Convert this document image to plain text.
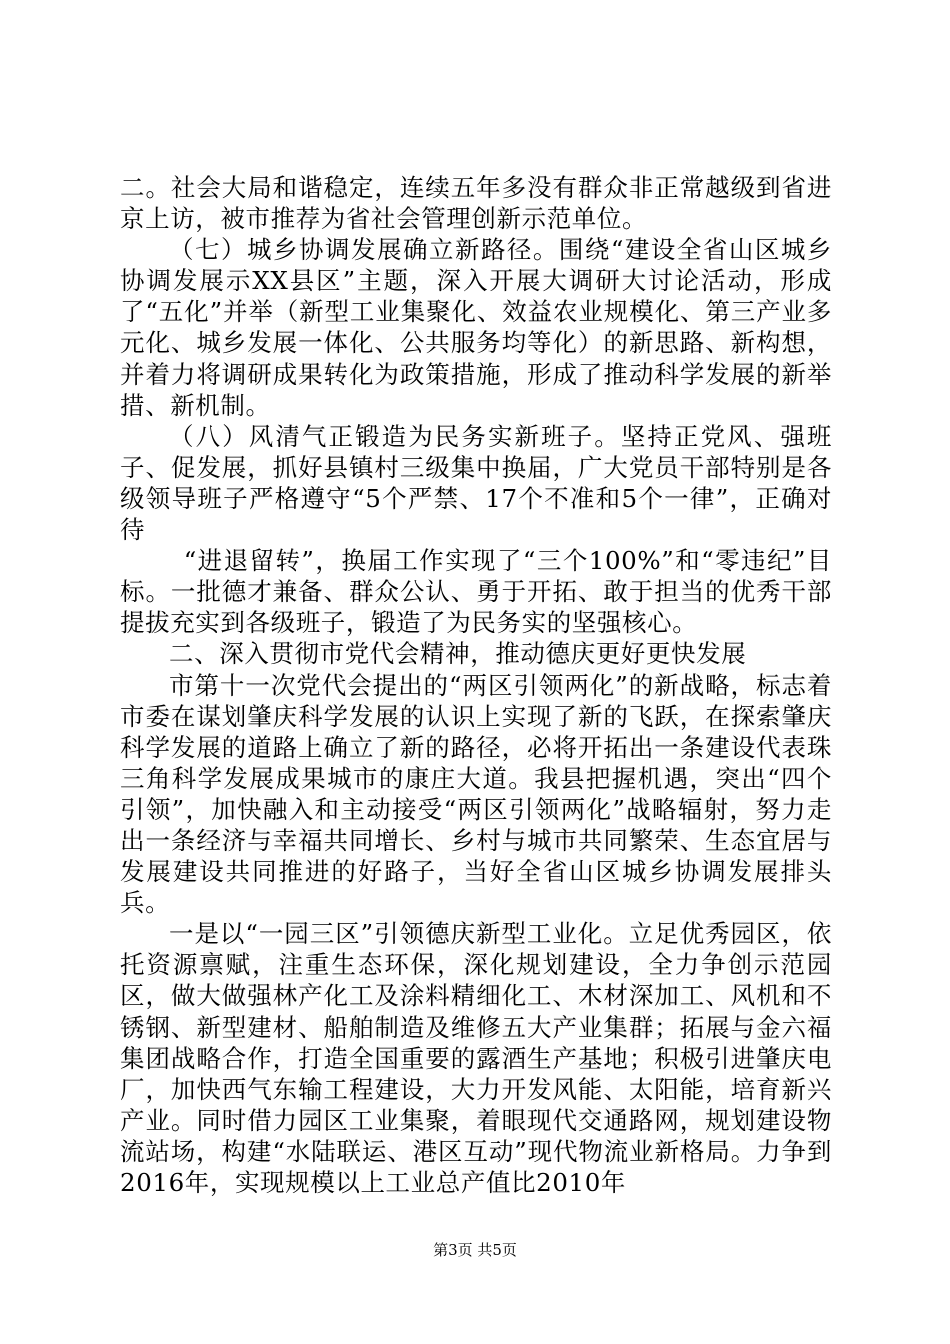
二。社会大局和谐稳定，连续五年多没有群众非正常越级到省进京上访，被市推荐为省社会管理创新示范单位。

（七）城乡协调发展确立新路径。围绕“建设全省山区城乡协调发展示XX县区”主题，深入开展大调研大讨论活动，形成了“五化”并举（新型工业集聚化、效益农业规模化、第三产业多元化、城乡发展一体化、公共服务均等化）的新思路、新构想，并着力将调研成果转化为政策措施，形成了推动科学发展的新举措、新机制。

（八）风清气正锻造为民务实新班子。坚持正党风、强班子、促发展，抓好县镇村三级集中换届，广大党员干部特别是各级领导班子严格遵守“5个严禁、17个不准和5个一律”，正确对待

“进退留转”，换届工作实现了“三个100%”和“零违纪”目标。一批德才兼备、群众公认、勇于开拓、敢于担当的优秀干部提拔充实到各级班子，锻造了为民务实的坚强核心。

二、深入贯彻市党代会精神，推动德庆更好更快发展

市第十一次党代会提出的“两区引领两化”的新战略，标志着市委在谋划肇庆科学发展的认识上实现了新的飞跃，在探索肇庆科学发展的道路上确立了新的路径，必将开拓出一条建设代表珠三角科学发展成果城市的康庄大道。我县把握机遇，突出“四个引领”，加快融入和主动接受“两区引领两化”战略辐射，努力走出一条经济与幸福共同增长、乡村与城市共同繁荣、生态宜居与发展建设共同推进的好路子，当好全省山区城乡协调发展排头兵。

一是以“一园三区”引领德庆新型工业化。立足优秀园区，依托资源禀赋，注重生态环保，深化规划建设，全力争创示范园区，做大做强林产化工及涂料精细化工、木材深加工、风机和不锈钢、新型建材、船舶制造及维修五大产业集群；拓展与金六福集团战略合作，打造全国重要的露酒生产基地；积极引进肇庆电厂，加快西气东输工程建设，大力开发风能、太阳能，培育新兴产业。同时借力园区工业集聚，着眼现代交通路网，规划建设物流站场，构建“水陆联运、港区互动”现代物流业新格局。力争到2016年，实现规模以上工业总产值比2010年

第3页 共5页
